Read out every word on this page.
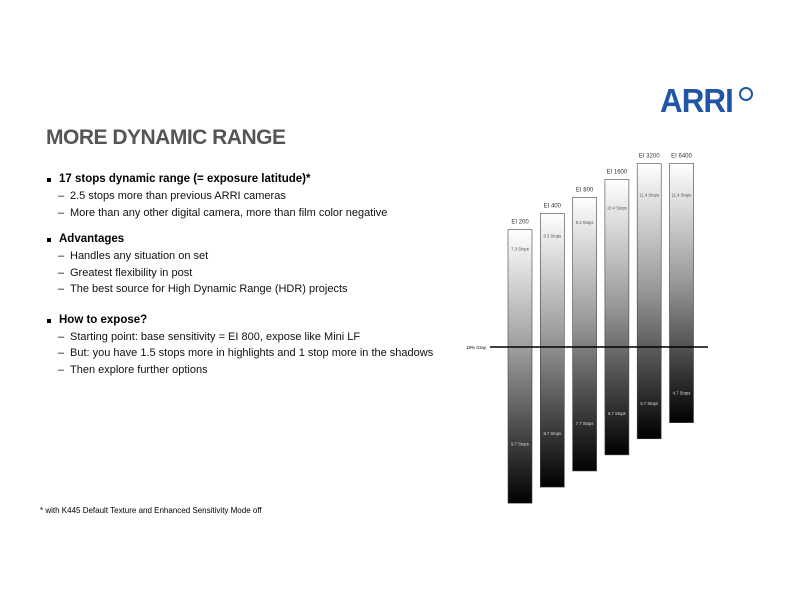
ARRI
MORE DYNAMIC RANGE
17 stops dynamic range (= exposure latitude)*
– 2.5 stops more than previous ARRI cameras
– More than any other digital camera, more than film color negative
Advantages
– Handles any situation on set
– Greatest flexibility in post
– The best source for High Dynamic Range (HDR) projects
How to expose?
– Starting point: base sensitivity = EI 800, expose like Mini LF
– But: you have 1.5 stops more in highlights and 1 stop more in the shadows
– Then explore further options
* with K445 Default Texture and Enhanced Sensitivity Mode off
18% Gray
EI 200
7.3 Stops
9.7 Stops
EI 400
8.3 Stops
8.7 Stops
EI 800
9.3 Stops
7.7 Stops
EI 1600
10.4 Stops
6.7 Stops
EI 3200
11.4 Stops
5.7 Stops
EI 6400
11.4 Stops
4.7 Stops
